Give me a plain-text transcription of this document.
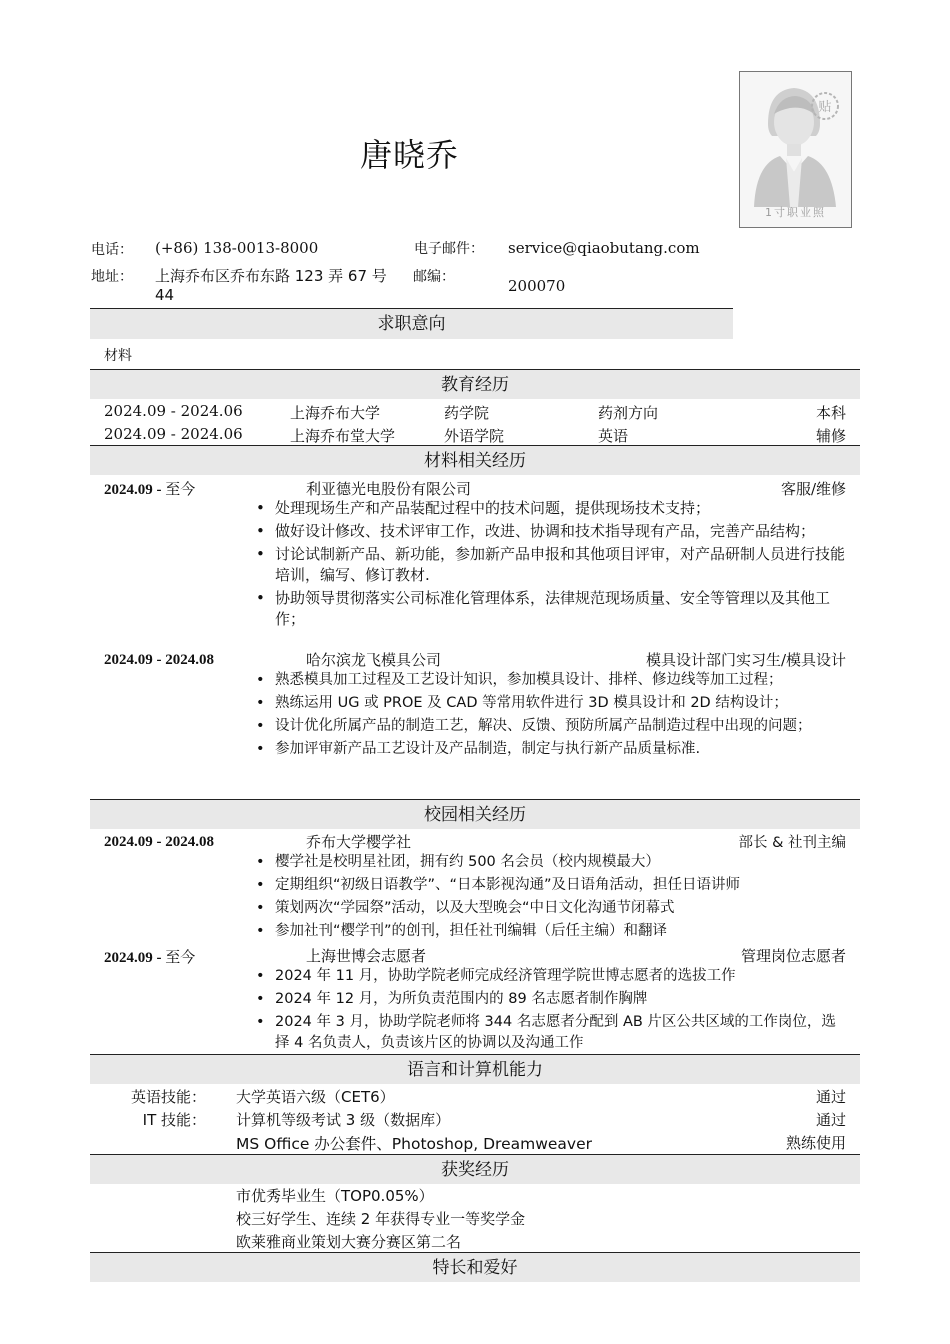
唐晓乔
贴
1寸职业照
电话： (+86) 138-0013-8000	电子邮件： service@qiaobutang.com
地址： 上海乔布区乔布东路 123 弄 67 号
44
邮编：	200070
求职意向
材料
教育经历
2024.09 - 2024.06	上海乔布大学	药学院	药剂方向	本科
2024.09 - 2024.06	上海乔布堂大学	外语学院	英语	辅修
材料相关经历
2024.09 - 至今	利亚德光电股份有限公司	客服/维修
• 处理现场生产和产品装配过程中的技术问题，提供现场技术支持；
• 做好设计修改、技术评审工作，改进、协调和技术指导现有产品，完善产品结构；
• 讨论试制新产品、新功能，参加新产品申报和其他项目评审，对产品研制人员进行技能培训，编写、修订教材.
• 协助领导贯彻落实公司标准化管理体系，法律规范现场质量、安全等管理以及其他工作；
2024.09 - 2024.08	哈尔滨龙飞模具公司	模具设计部门实习生/模具设计
• 熟悉模具加工过程及工艺设计知识，参加模具设计、排样、修边线等加工过程；
• 熟练运用 UG 或 PROE 及 CAD 等常用软件进行 3D 模具设计和 2D 结构设计；
• 设计优化所属产品的制造工艺，解决、反馈、预防所属产品制造过程中出现的问题；
• 参加评审新产品工艺设计及产品制造，制定与执行新产品质量标准.
校园相关经历
2024.09 - 2024.08	乔布大学樱学社	部长 & 社刊主编
• 樱学社是校明星社团，拥有约 500 名会员（校内规模最大）
• 定期组织“初级日语教学”、“日本影视沟通”及日语角活动，担任日语讲师
• 策划两次“学园祭”活动，以及大型晚会“中日文化沟通节闭幕式
• 参加社刊“樱学刊”的创刊，担任社刊编辑（后任主编）和翻译
2024.09 - 至今	上海世博会志愿者	管理岗位志愿者
• 2024 年 11 月，协助学院老师完成经济管理学院世博志愿者的选拔工作
• 2024 年 12 月，为所负责范围内的 89 名志愿者制作胸牌
• 2024 年 3 月，协助学院老师将 344 名志愿者分配到 AB 片区公共区域的工作岗位，选择 4 名负责人，负责该片区的协调以及沟通工作
语言和计算机能力
英语技能： 大学英语六级（CET6）	通过
IT 技能： 计算机等级考试 3 级（数据库）	通过
MS Office 办公套件、Photoshop, Dreamweaver	熟练使用
获奖经历
市优秀毕业生（TOP0.05%）
校三好学生、连续 2 年获得专业一等奖学金
欧莱雅商业策划大赛分赛区第二名
特长和爱好
